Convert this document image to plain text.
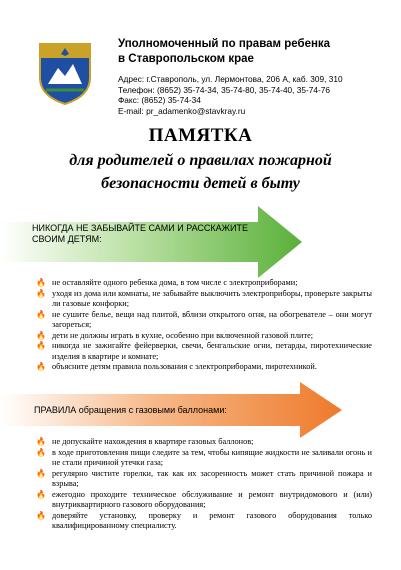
Уполномоченный по правам ребенка
в Ставропольском крае
Адрес: г.Ставрополь, ул. Лермонтова, 206 А, каб. 309, 310
Телефон: (8652) 35-74-34, 35-74-80, 35-74-40, 35-74-76
Факс: (8652) 35-74-34
E-mail: pr_adamenko@stavkray.ru
ПАМЯТКА
для родителей о правилах пожарной
безопасности детей в быту
НИКОГДА НЕ ЗАБЫВАЙТЕ САМИ И РАССКАЖИТЕ СВОИМ ДЕТЯМ:
🔥 не оставляйте одного ребенка дома, в том числе с электроприборами;
🔥 уходя из дома или комнаты, не забывайте выключить электроприборы, проверьте закрыты ли газовые конфорки;
🔥 не сушите белье, вещи над плитой, вблизи открытого огня, на обогревателе – они могут загореться;
🔥 дети не должны играть в кухне, особенно при включенной газовой плите;
🔥 никогда не зажигайте фейерверки, свечи, бенгальские огни, петарды, пиротехнические изделия в квартире и комнате;
🔥 объясните детям правила пользования с электроприборами, пиротехникой.
ПРАВИЛА обращения с газовыми баллонами:
🔥 не допускайте нахождения в квартире газовых баллонов;
🔥 в ходе приготовления пищи следите за тем, чтобы кипящие жидкости не заливали огонь и не стали причиной утечки газа;
🔥 регулярно чистите горелки, так как их засоренность может стать причиной пожара и взрыва;
🔥 ежегодно проходите техническое обслуживание и ремонт внутридомового и (или) внутриквартирного газового оборудования;
🔥 доверяйте установку, проверку и ремонт газового оборудования только квалифицированному специалисту.
